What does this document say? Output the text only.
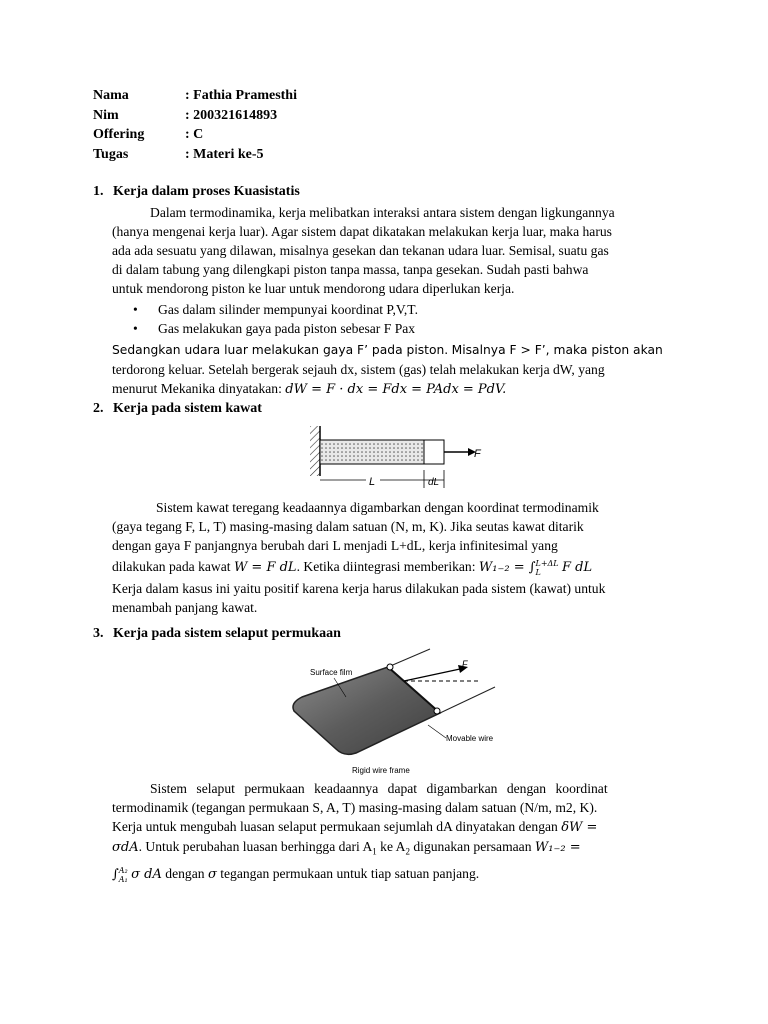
Nama	: Fathia Pramesthi
Nim	: 200321614893
Offering	: C
Tugas	: Materi ke-5
1. Kerja dalam proses Kuasistatis
Dalam termodinamika, kerja melibatkan interaksi antara sistem dengan ligkungannya
(hanya mengenai kerja luar). Agar sistem dapat dikatakan melakukan kerja luar, maka harus
ada ada sesuatu yang dilawan, misalnya gesekan dan tekanan udara luar. Semisal, suatu gas
di dalam tabung yang dilengkapi piston tanpa massa, tanpa gesekan. Sudah pasti bahwa
untuk mendorong piston ke luar untuk mendorong udara diperlukan kerja.
• Gas dalam silinder mempunyai koordinat P,V,T.
• Gas melakukan gaya pada piston sebesar F Pax
Sedangkan udara luar melakukan gaya F’ pada piston. Misalnya F > F’, maka piston akan
terdorong keluar. Setelah bergerak sejauh dx, sistem (gas) telah melakukan kerja dW, yang
menurut Mekanika dinyatakan: dW = F · dx = Fdx = PAdx = PdV.
2. Kerja pada sistem kawat
F
L	dL
Sistem kawat teregang keadaannya digambarkan dengan koordinat termodinamik
(gaya tegang F, L, T) masing-masing dalam satuan (N, m, K). Jika seutas kawat ditarik
dengan gaya F panjangnya berubah dari L menjadi L+dL, kerja infinitesimal yang
dilakukan pada kawat W = F dL. Ketika diintegrasi memberikan: W₁₋₂ = ∫ L+ΔL
L	F dL
Kerja dalam kasus ini yaitu positif karena kerja harus dilakukan pada sistem (kawat) untuk
menambah panjang kawat.
3. Kerja pada sistem selaput permukaan
F
Surface film
Movable wire
Rigid wire frame
Sistem selaput permukaan keadaannya dapat digambarkan dengan koordinat
termodinamik (tegangan permukaan S, A, T) masing-masing dalam satuan (N/m, m2, K).
Kerja untuk mengubah luasan selaput permukaan sejumlah dA dinyatakan dengan δW =
σdA. Untuk perubahan luasan berhingga dari $A_1$ ke $A_2$ digunakan persamaan W₁₋₂ =
∫ A₂
A₁ σ dA dengan σ tegangan permukaan untuk tiap satuan panjang.
